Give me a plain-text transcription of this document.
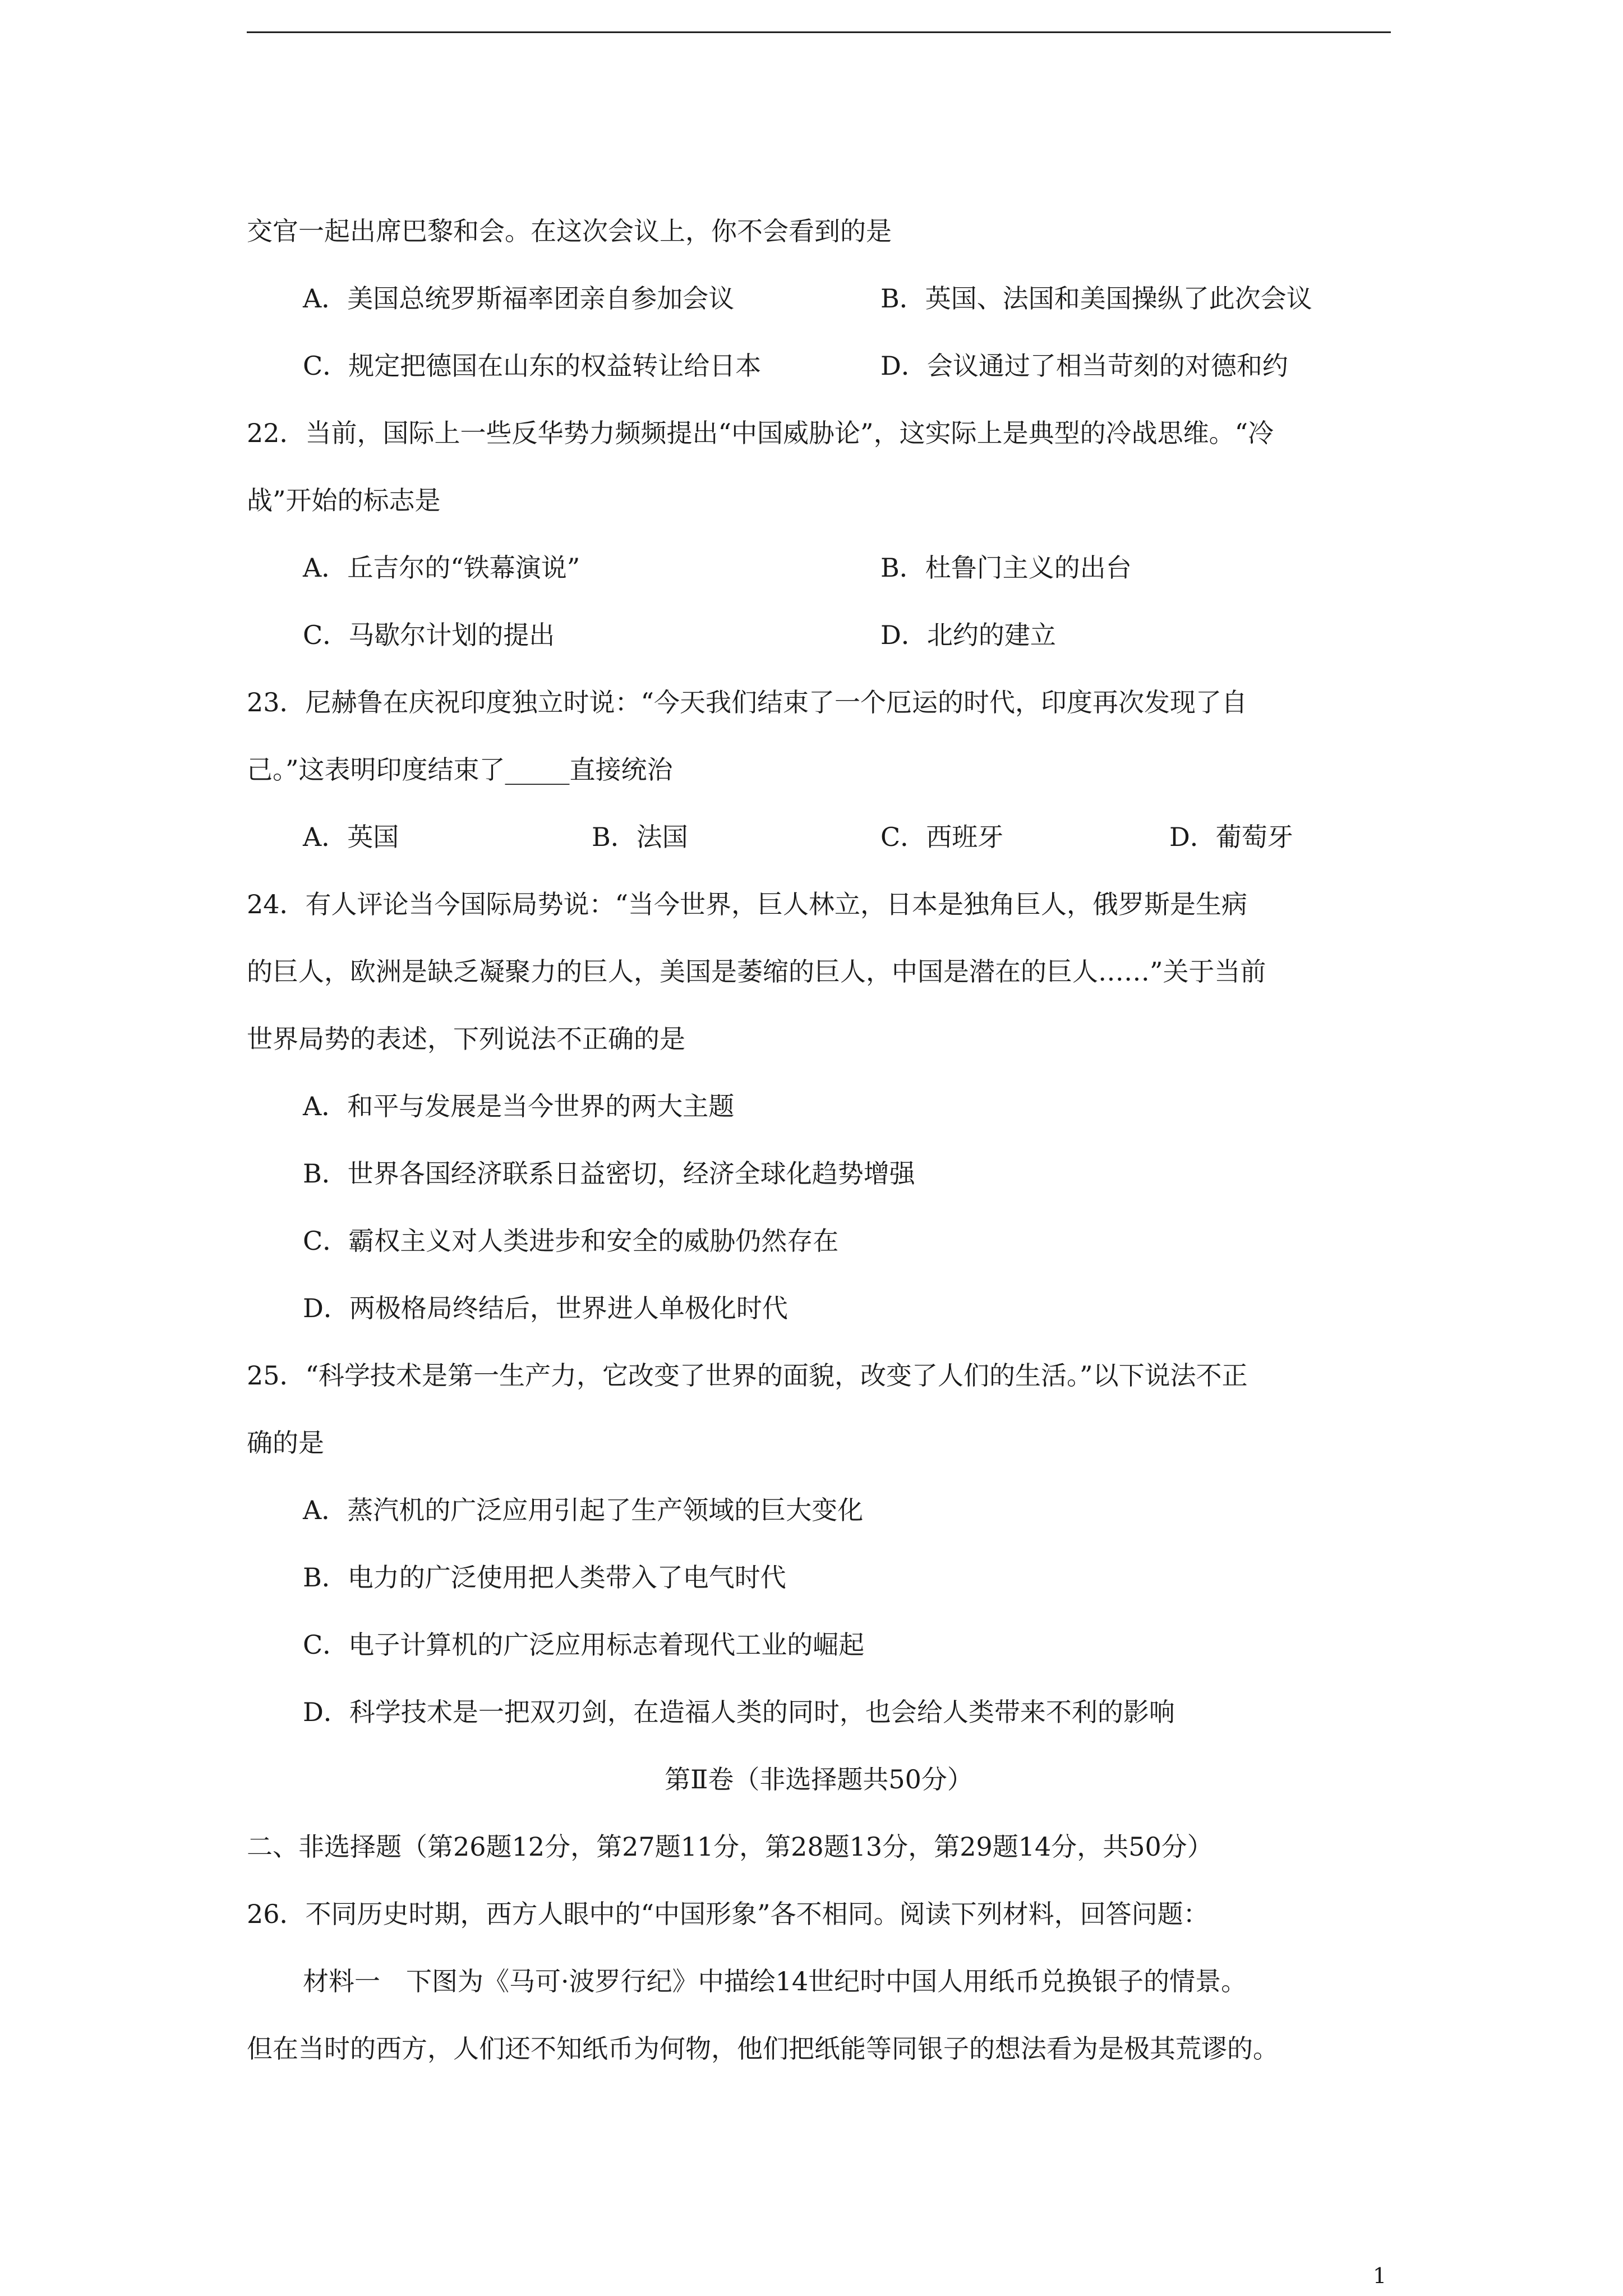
交官一起出席巴黎和会。在这次会议上，你不会看到的是
A．美国总统罗斯福率团亲自参加会议	B．英国、法国和美国操纵了此次会议
C．规定把德国在山东的权益转让给日本	D．会议通过了相当苛刻的对德和约
22．当前，国际上一些反华势力频频提出“中国威胁论”，这实际上是典型的冷战思维。“冷
战”开始的标志是
A．丘吉尔的“铁幕演说”	B．杜鲁门主义的出台
C．马歇尔计划的提出	D．北约的建立
23．尼赫鲁在庆祝印度独立时说：“今天我们结束了一个厄运的时代，印度再次发现了自
己。”这表明印度结束了_____直接统治
A．英国	B．法国	C．西班牙	D．葡萄牙
24．有人评论当今国际局势说：“当今世界，巨人林立，日本是独角巨人，俄罗斯是生病
的巨人，欧洲是缺乏凝聚力的巨人，美国是萎缩的巨人，中国是潜在的巨人……”关于当前
世界局势的表述，下列说法不正确的是
A．和平与发展是当今世界的两大主题
B．世界各国经济联系日益密切，经济全球化趋势增强
C．霸权主义对人类进步和安全的威胁仍然存在
D．两极格局终结后，世界进人单极化时代
25．“科学技术是第一生产力，它改变了世界的面貌，改变了人们的生活。”以下说法不正
确的是
A．蒸汽机的广泛应用引起了生产领域的巨大变化
B．电力的广泛使用把人类带入了电气时代
C．电子计算机的广泛应用标志着现代工业的崛起
D．科学技术是一把双刃剑，在造福人类的同时，也会给人类带来不利的影响
第Ⅱ卷（非选择题共50分）
二、非选择题（第26题12分，第27题11分，第28题13分，第29题14分，共50分）
26．不同历史时期，西方人眼中的“中国形象”各不相同。阅读下列材料，回答问题：
材料一　下图为《马可·波罗行纪》中描绘14世纪时中国人用纸币兑换银子的情景。
但在当时的西方，人们还不知纸币为何物，他们把纸能等同银子的想法看为是极其荒谬的。
1
